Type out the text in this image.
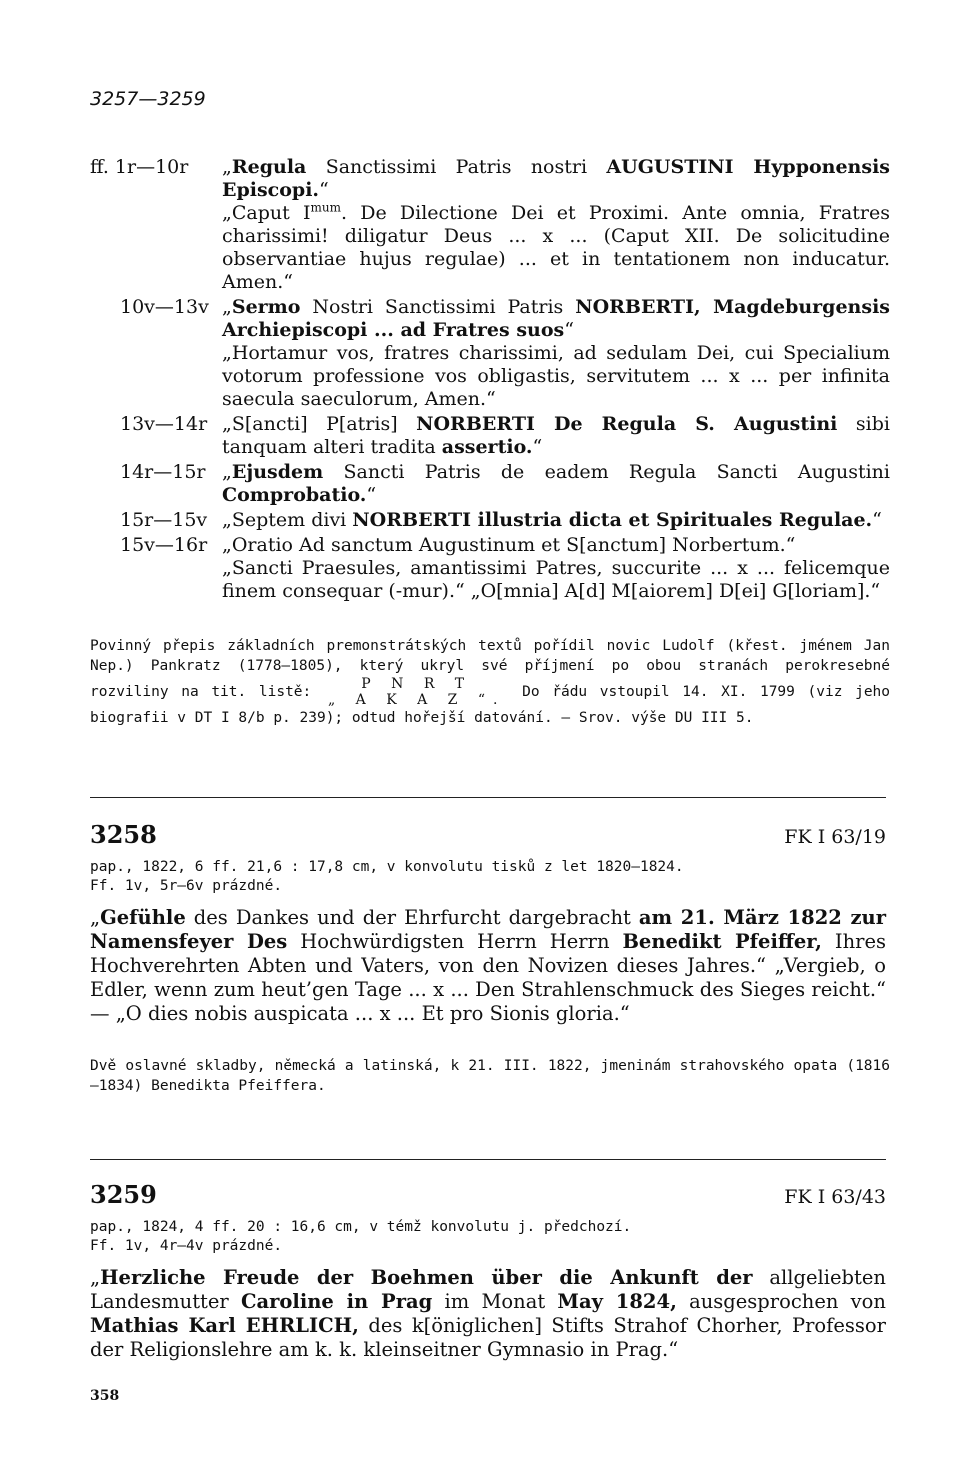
3257—3259
ff. 1r—10r	„Regula Sanctissimi Patris nostri AUGUSTINI Hypponensis Episcopi.“

„Caput $I^{mum}$. De Dilectione Dei et Proximi. Ante omnia, Fratres charissimi! diligatur Deus ... x ... (Caput XII. De solicitudine observantiae hujus regulae) ... et in tentationem non inducatur. Amen.“

10v—13v „Sermo Nostri Sanctissimi Patris NORBERTI, Magdeburgensis Archiepiscopi ... ad Fratres suos“

„Hortamur vos, fratres charissimi, ad sedulam Dei, cui Specialium votorum professione vos obligastis, servitutem ... x ... per infinita saecula saeculorum, Amen.“

13v—14r „S[ancti] P[atris] NORBERTI De Regula S. Augustini sibi tanquam alteri tradita assertio.“

14r—15r „Ejusdem Sancti Patris de eadem Regula Sancti Augustini Comprobatio.“

15r—15v „Septem divi NORBERTI illustria dicta et Spirituales Regulae.“

15v—16r „Oratio Ad sanctum Augustinum et S[anctum] Norbertum.“

„Sancti Praesules, amantissimi Patres, succurite ... x ... felicemque finem consequar (-mur).“ „O[mnia] A[d] M[aiorem] D[ei] G[loriam].“

Povinný přepis základních premonstrátských textů pořídil novic Ludolf (křest. jménem Jan Nep.) Pankratz (1778—1805), který ukryl své příjmení po obou stranách perokresebné rozviliny na tit. listě:	P N R T
„ A K A Z “. Do řádu vstoupil 14. XI. 1799 (viz jeho biografii v DT I 8/b p. 239); odtud hořejší datování. — Srov. výše DU III 5.
3258	FK I 63/19
pap., 1822, 6 ff. 21,6 : 17,8 cm, v konvolutu tisků z let 1820—1824.
Ff. 1v, 5r—6v prázdné.
„Gefühle des Dankes und der Ehrfurcht dargebracht am 21. März 1822 zur Namensfeyer Des Hochwürdigsten Herrn Herrn Benedikt Pfeiffer, Ihres Hochverehrten Abten und Vaters, von den Novizen dieses Jahres.“ „Vergieb, o Edler, wenn zum heut’gen Tage ... x ... Den Strahlenschmuck des Sieges reicht.“ — „O dies nobis auspicata ... x ... Et pro Sionis gloria.“
Dvě oslavné skladby, německá a latinská, k 21. III. 1822, jmeninám strahovského opata (1816—1834) Benedikta Pfeiffera.
3259	FK I 63/43
pap., 1824, 4 ff. 20 : 16,6 cm, v témž konvolutu j. předchozí.
Ff. 1v, 4r—4v prázdné.
„Herzliche Freude der Boehmen über die Ankunft der allgeliebten Landesmutter Caroline in Prag im Monat May 1824, ausgesprochen von Mathias Karl EHRLICH, des k[öniglichen] Stifts Strahof Chorher, Professor der Religionslehre am k. k. kleinseitner Gymnasio in Prag.“
358
